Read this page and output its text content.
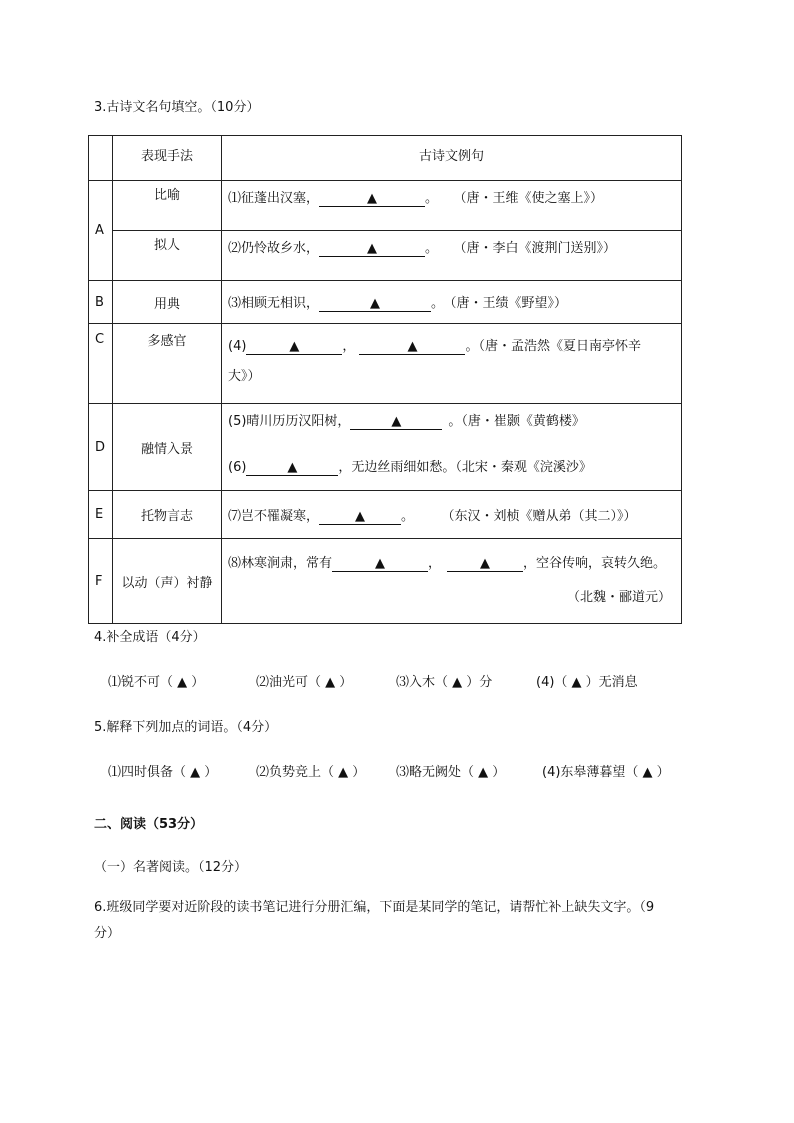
3.古诗文名句填空。（10分）
	表现手法	古诗文例句
A	比喻	⑴征蓬出汉塞， ▲ 。 （唐・王维《使之塞上》）
	拟人	⑵仍怜故乡水， ▲ 。 （唐・李白《渡荆门送别》）
B	用典	⑶相顾无相识， ▲ 。 （唐・王绩《野望》）
C	多感官	(4) ▲ ， ▲ 。（唐・孟浩然《夏日南亭怀辛
大》）

D	融情入景	(5)晴川历历汉阳树， ▲ 。（唐・崔颢《黄鹤楼》
(6) ▲ ，无边丝雨细如愁。（北宋・秦观《浣溪沙》

E	托物言志	⑺岂不罹凝寒， ▲ 。 （东汉・刘桢《赠从弟（其二）》）
F	以动（声）衬静	⑻林寒涧肃，常有 ▲ ， ▲ ，空谷传响，哀转久绝。
（北魏・郦道元）
4.补全成语（4分）
⑴锐不可（ ▲ ）	⑵油光可（ ▲ ）	⑶入木（ ▲ ）分	(4)（ ▲ ）无消息
5.解释下列加点的词语。（4分）
⑴四时俱备（ ▲ ）	⑵负势竞上（ ▲ ） ⑶略无阙处（ ▲ ）	(4)东皋薄暮望（ ▲ ）
二、阅读（53分）
（一）名著阅读。（12分）
6.班级同学要对近阶段的读书笔记进行分册汇编，下面是某同学的笔记，请帮忙补上缺失文字。（9
分）
